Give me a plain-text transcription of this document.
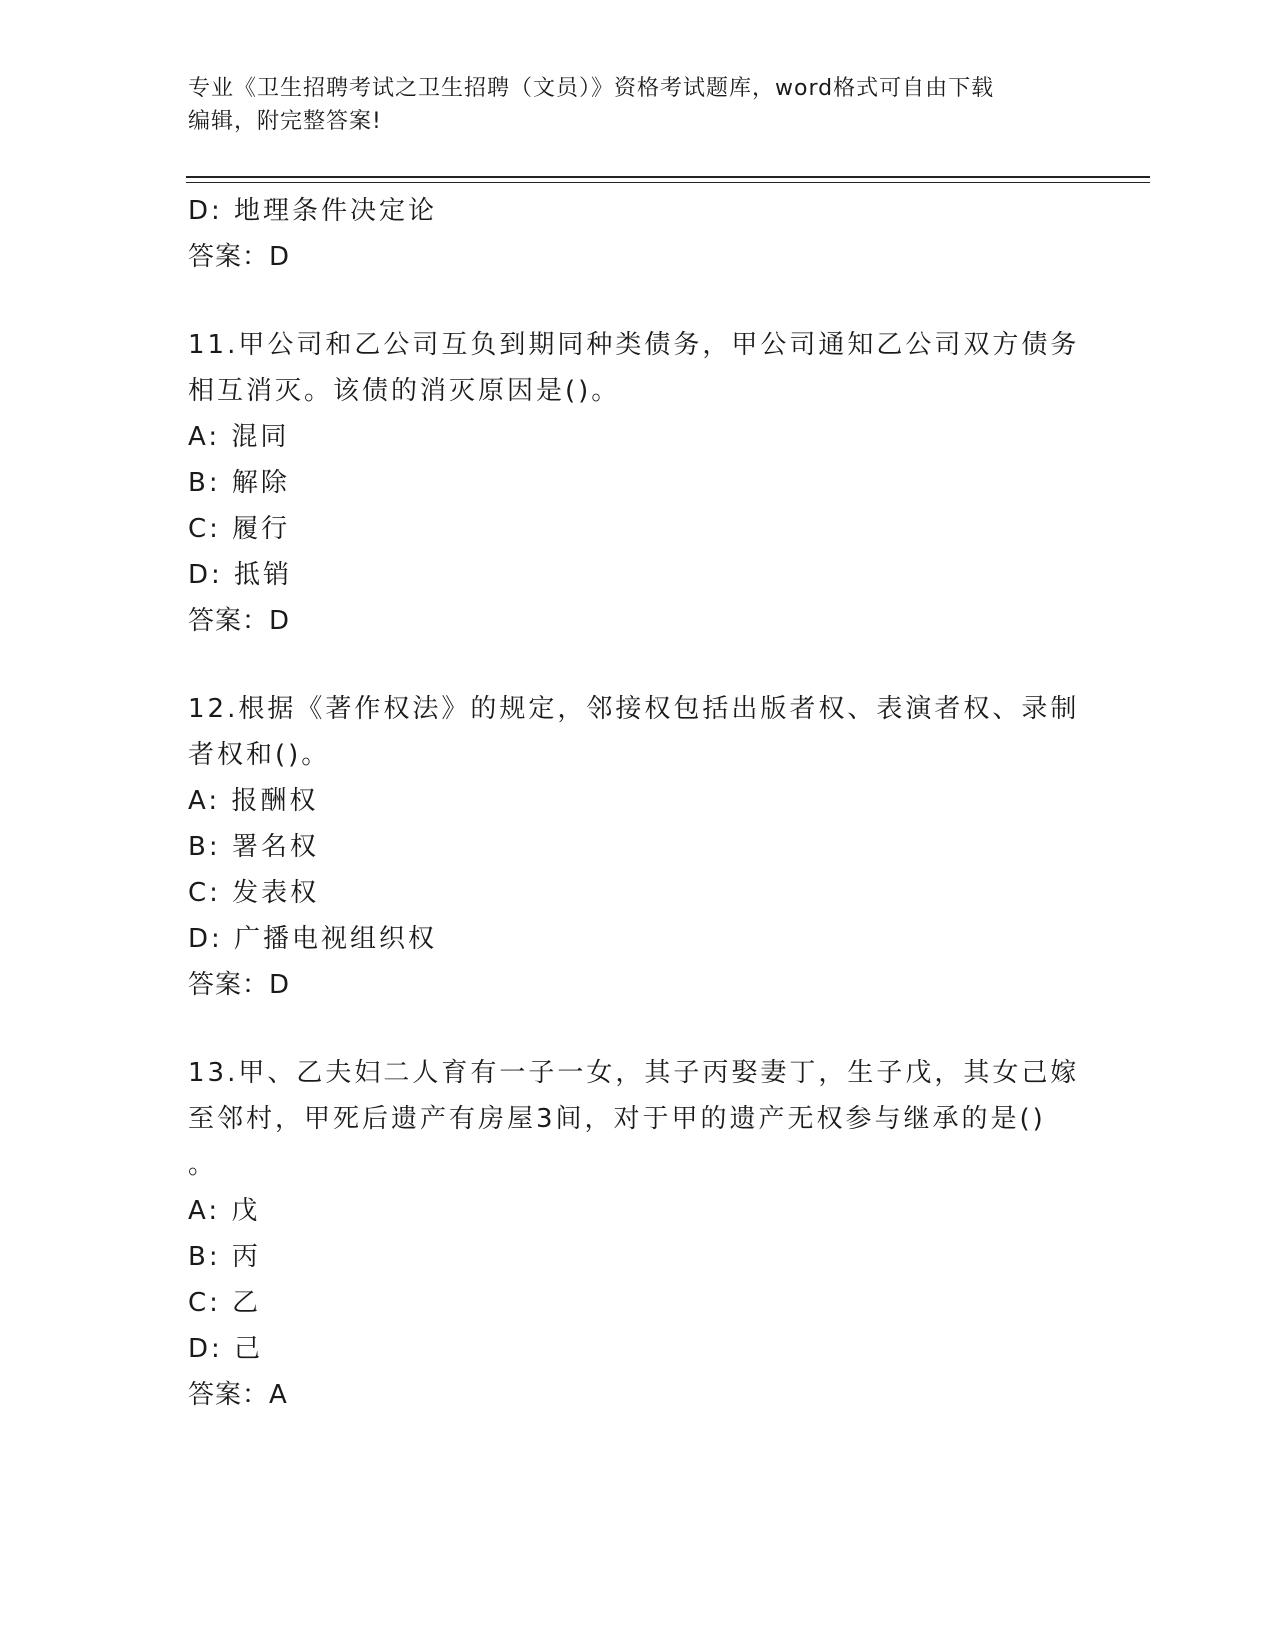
专业《卫生招聘考试之卫生招聘（文员）》资格考试题库，word格式可自由下载
编辑，附完整答案!
D: 地理条件决定论
答案：D
11.甲公司和乙公司互负到期同种类债务，甲公司通知乙公司双方债务
相互消灭。该债的消灭原因是()。
A: 混同
B: 解除
C: 履行
D: 抵销
答案：D
12.根据《著作权法》的规定，邻接权包括出版者权、表演者权、录制
者权和()。
A: 报酬权
B: 署名权
C: 发表权
D: 广播电视组织权
答案：D
13.甲、乙夫妇二人育有一子一女，其子丙娶妻丁，生子戊，其女己嫁
至邻村，甲死后遗产有房屋3间，对于甲的遗产无权参与继承的是()
。
A: 戊
B: 丙
C: 乙
D: 己
答案：A
